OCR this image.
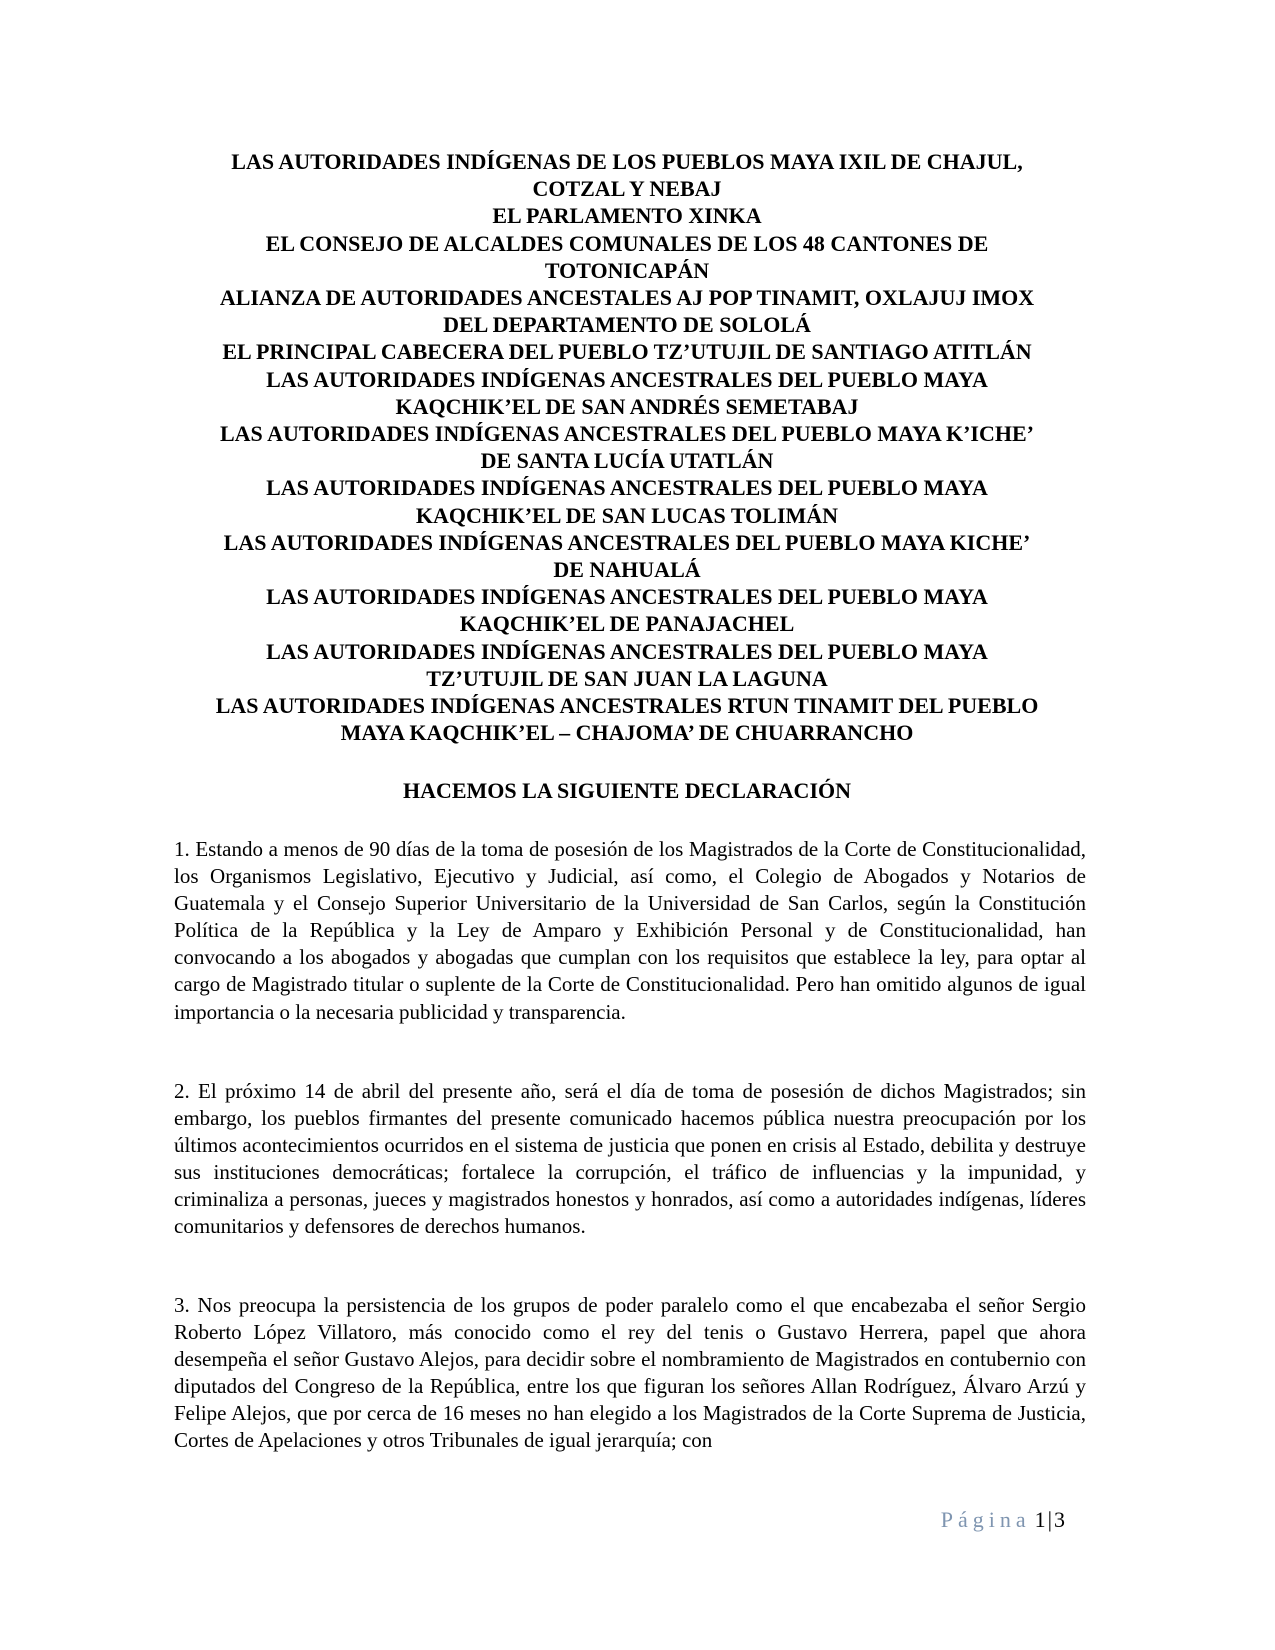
LAS AUTORIDADES INDÍGENAS DE LOS PUEBLOS MAYA IXIL DE CHAJUL,
COTZAL Y NEBAJ
EL PARLAMENTO XINKA
EL CONSEJO DE ALCALDES COMUNALES DE LOS 48 CANTONES DE
TOTONICAPÁN
ALIANZA DE AUTORIDADES ANCESTALES AJ POP TINAMIT, OXLAJUJ IMOX
DEL DEPARTAMENTO DE SOLOLÁ
EL PRINCIPAL CABECERA DEL PUEBLO TZ’UTUJIL DE SANTIAGO ATITLÁN
LAS AUTORIDADES INDÍGENAS ANCESTRALES DEL PUEBLO MAYA
KAQCHIK’EL DE SAN ANDRÉS SEMETABAJ
LAS AUTORIDADES INDÍGENAS ANCESTRALES DEL PUEBLO MAYA K’ICHE’
DE SANTA LUCÍA UTATLÁN
LAS AUTORIDADES INDÍGENAS ANCESTRALES DEL PUEBLO MAYA
KAQCHIK’EL DE SAN LUCAS TOLIMÁN
LAS AUTORIDADES INDÍGENAS ANCESTRALES DEL PUEBLO MAYA KICHE’
DE NAHUALÁ
LAS AUTORIDADES INDÍGENAS ANCESTRALES DEL PUEBLO MAYA
KAQCHIK’EL DE PANAJACHEL
LAS AUTORIDADES INDÍGENAS ANCESTRALES DEL PUEBLO MAYA
TZ’UTUJIL DE SAN JUAN LA LAGUNA
LAS AUTORIDADES INDÍGENAS ANCESTRALES RTUN TINAMIT DEL PUEBLO
MAYA KAQCHIK’EL – CHAJOMA’ DE CHUARRANCHO
HACEMOS LA SIGUIENTE DECLARACIÓN

1. Estando a menos de 90 días de la toma de posesión de los Magistrados de la Corte de Constitucionalidad, los Organismos Legislativo, Ejecutivo y Judicial, así como, el Colegio de Abogados y Notarios de Guatemala y el Consejo Superior Universitario de la Universidad de San Carlos, según la Constitución Política de la República y la Ley de Amparo y Exhibición Personal y de Constitucionalidad, han convocando a los abogados y abogadas que cumplan con los requisitos que establece la ley, para optar al cargo de Magistrado titular o suplente de la Corte de Constitucionalidad. Pero han omitido algunos de igual importancia o la necesaria publicidad y transparencia.

2. El próximo 14 de abril del presente año, será el día de toma de posesión de dichos Magistrados; sin embargo, los pueblos firmantes del presente comunicado hacemos pública nuestra preocupación por los últimos acontecimientos ocurridos en el sistema de justicia que ponen en crisis al Estado, debilita y destruye sus instituciones democráticas; fortalece la corrupción, el tráfico de influencias y la impunidad, y criminaliza a personas, jueces y magistrados honestos y honrados, así como a autoridades indígenas, líderes comunitarios y defensores de derechos humanos.

3. Nos preocupa la persistencia de los grupos de poder paralelo como el que encabezaba el señor Sergio Roberto López Villatoro, más conocido como el rey del tenis o Gustavo Herrera, papel que ahora desempeña el señor Gustavo Alejos, para decidir sobre el nombramiento de Magistrados en contubernio con diputados del Congreso de la República, entre los que figuran los señores Allan Rodríguez, Álvaro Arzú y Felipe Alejos, que por cerca de 16 meses no han elegido a los Magistrados de la Corte Suprema de Justicia, Cortes de Apelaciones y otros Tribunales de igual jerarquía; con

Página 1|3
